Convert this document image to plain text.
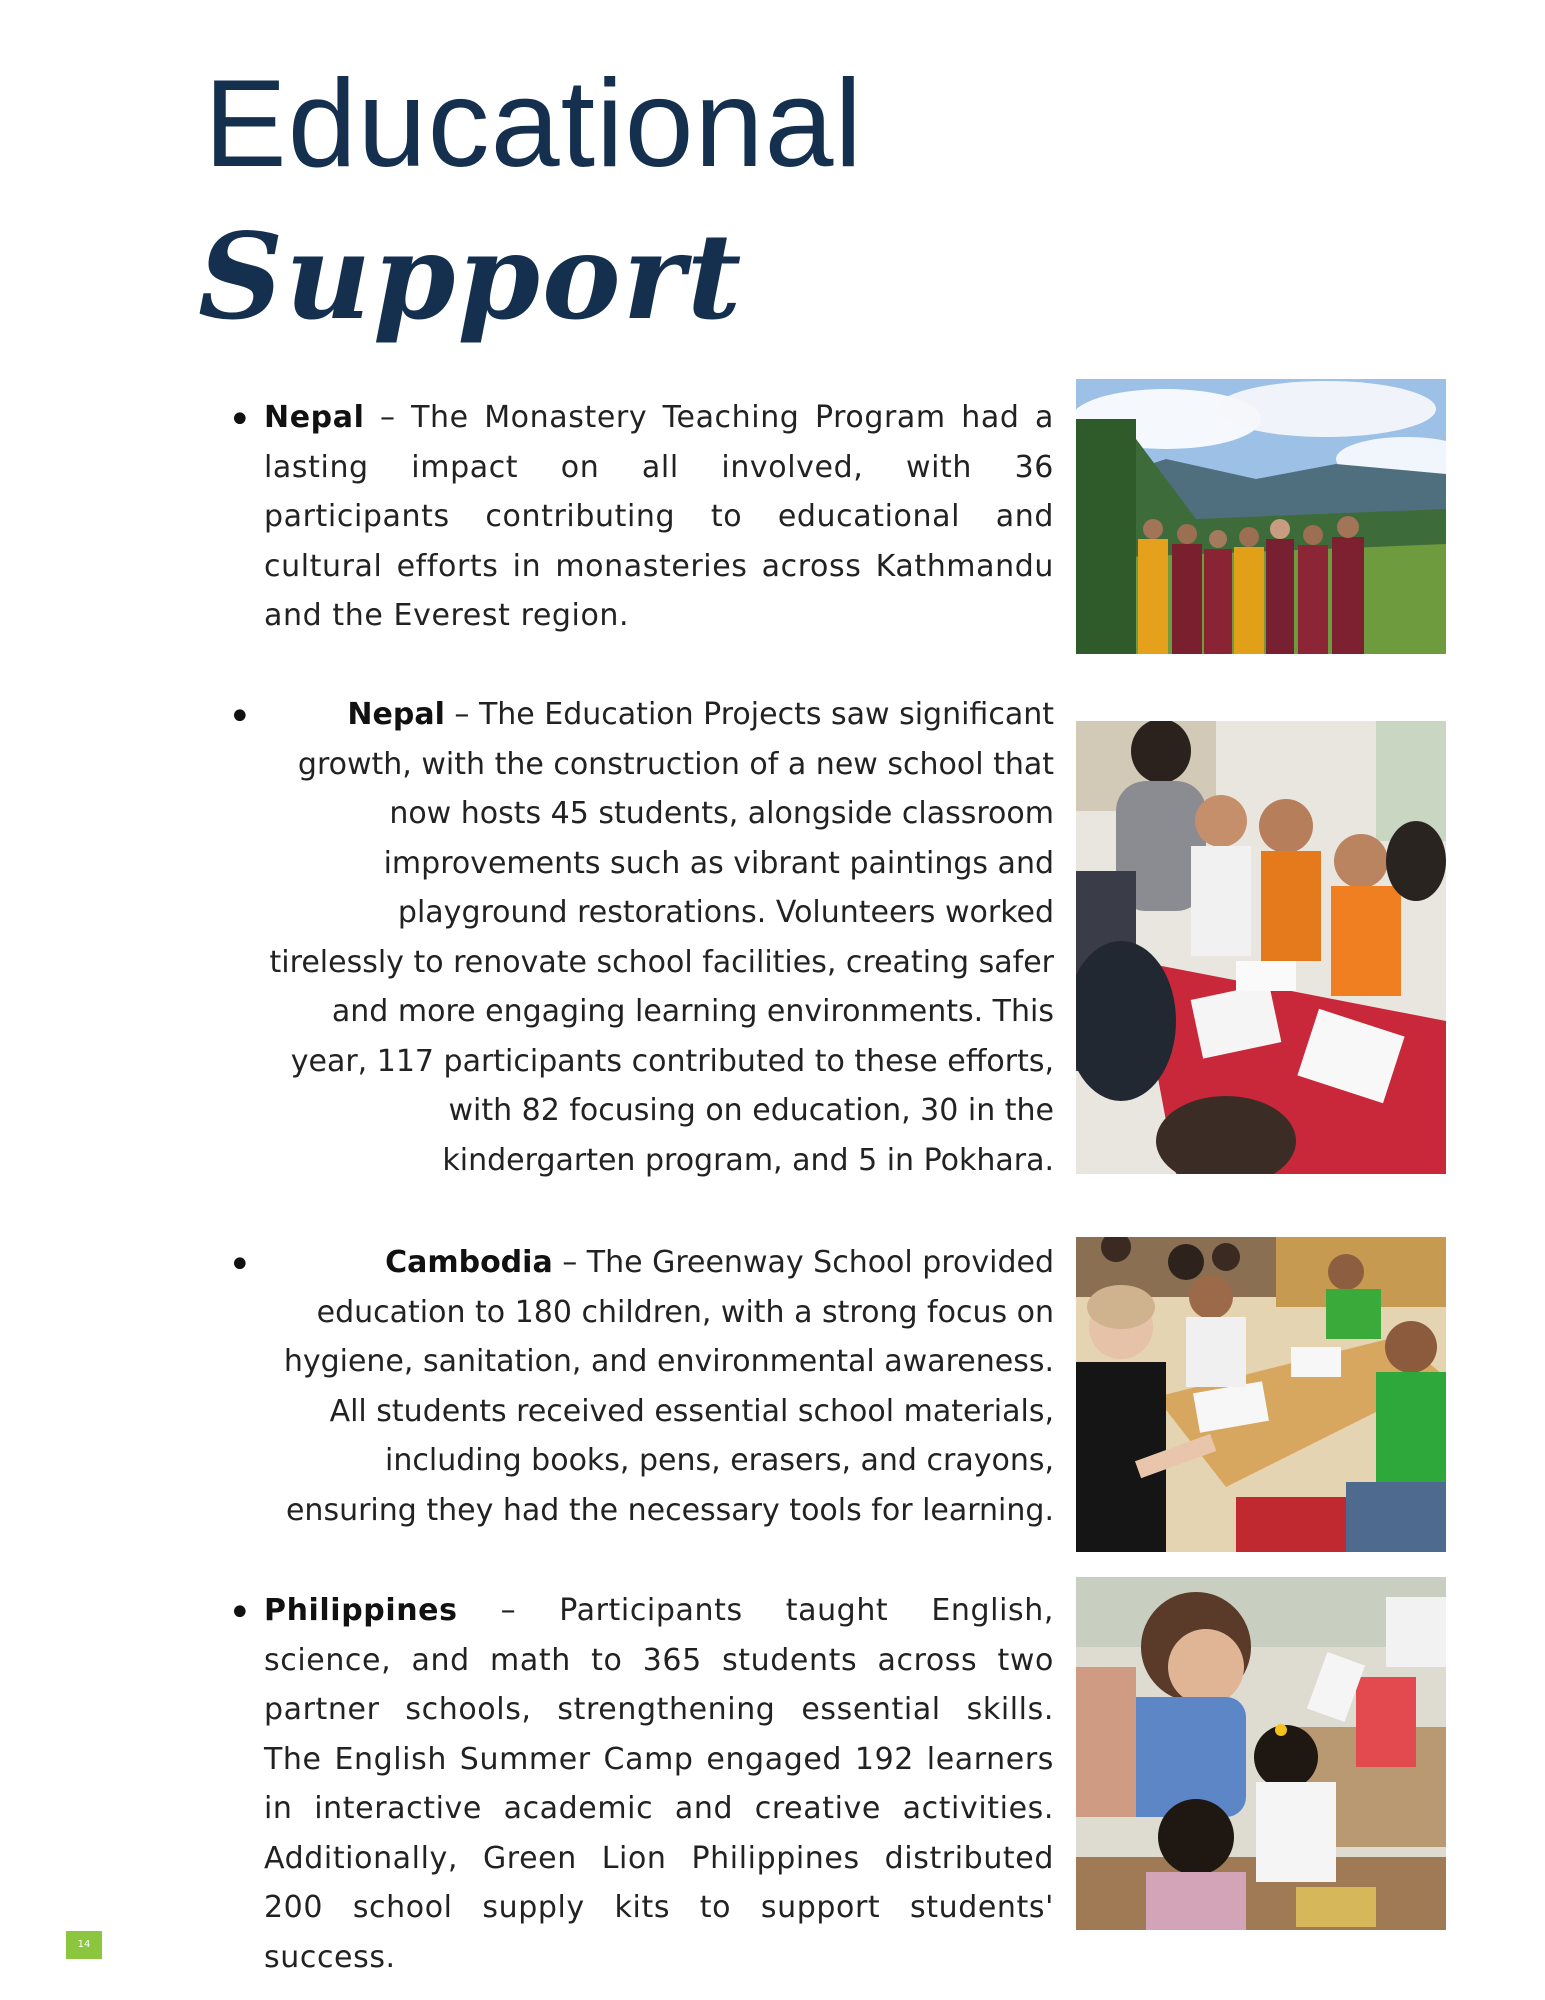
Educational
Support
• Nepal – The Monastery Teaching Program had a lasting impact on all involved, with 36 participants contributing to educational and cultural efforts in monasteries across Kathmandu and the Everest region.

•	Nepal – The Education Projects saw significant growth, with the construction of a new school that now hosts 45 students, alongside classroom improvements such as vibrant paintings and playground restorations. Volunteers worked tirelessly to renovate school facilities, creating safer and more engaging learning environments. This year, 117 participants contributed to these efforts, with 82 focusing on education, 30 in the kindergarten program, and 5 in Pokhara.

•	Cambodia – The Greenway School provided education to 180 children, with a strong focus on hygiene, sanitation, and environmental awareness. All students received essential school materials, including books, pens, erasers, and crayons, ensuring they had the necessary tools for learning.

• Philippines – Participants taught English, science, and math to 365 students across two partner schools, strengthening essential skills. The English Summer Camp engaged 192 learners in interactive academic and creative activities. Additionally, Green Lion Philippines distributed 200 school supply kits to support students' success.

14
